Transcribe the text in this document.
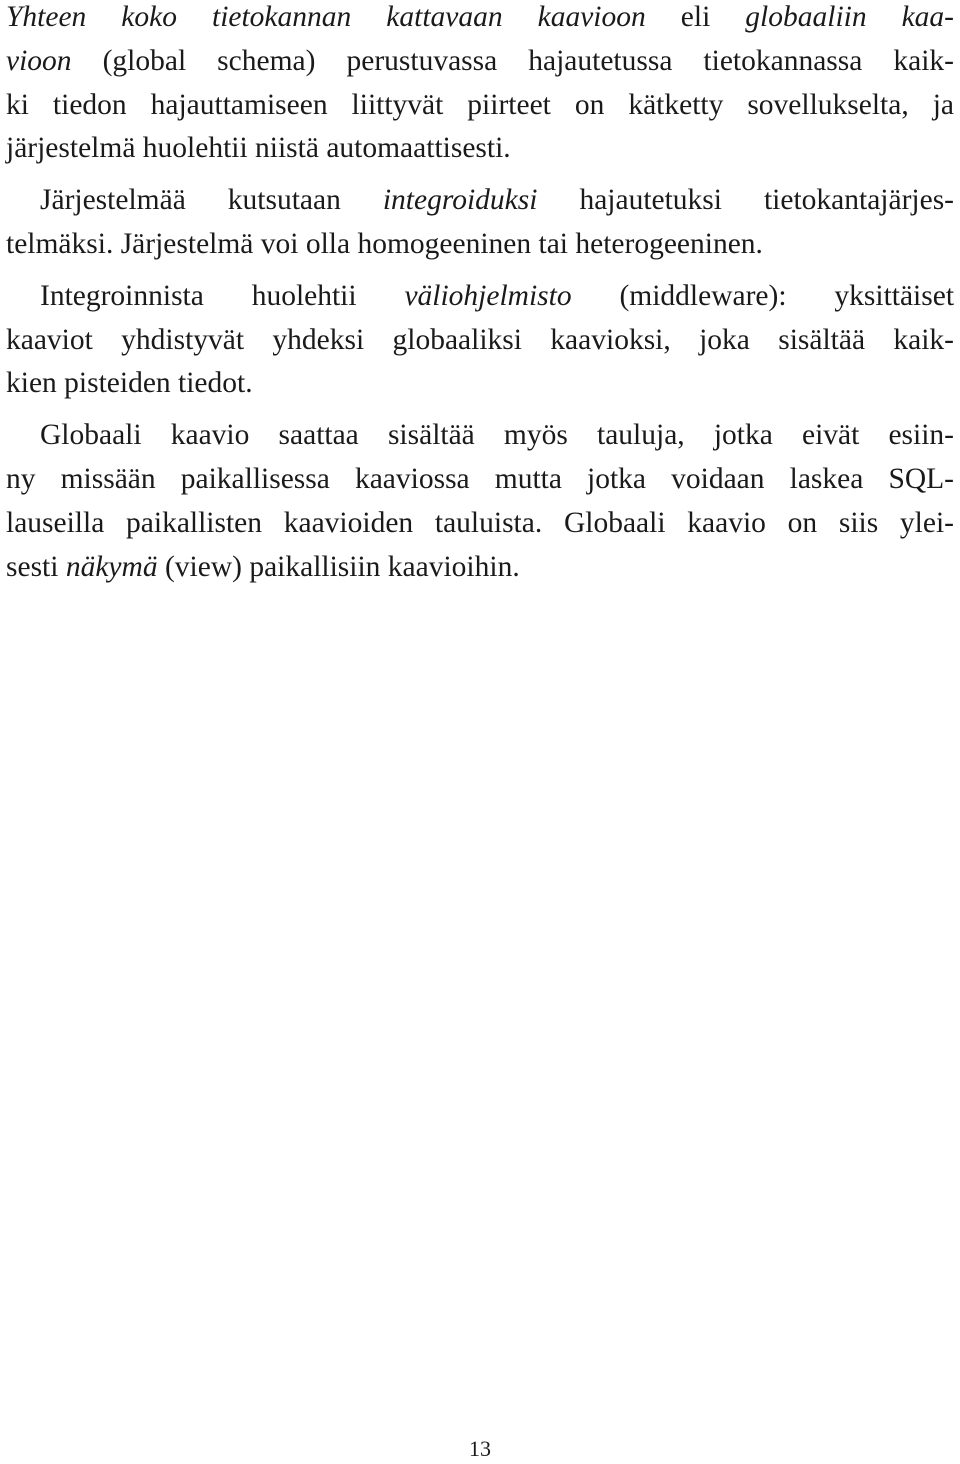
Yhteen koko tietokannan kattavaan kaavioon eli globaaliin kaa-
vioon (global schema) perustuvassa hajautetussa tietokannassa kaik-
ki tiedon hajauttamiseen liittyvät piirteet on kätketty sovellukselta, ja
järjestelmä huolehtii niistä automaattisesti.
Järjestelmää kutsutaan integroiduksi hajautetuksi tietokantajärjes-
telmäksi. Järjestelmä voi olla homogeeninen tai heterogeeninen.
Integroinnista huolehtii väliohjelmisto (middleware): yksittäiset
kaaviot yhdistyvät yhdeksi globaaliksi kaavioksi, joka sisältää kaik-
kien pisteiden tiedot.
Globaali kaavio saattaa sisältää myös tauluja, jotka eivät esiin-
ny missään paikallisessa kaaviossa mutta jotka voidaan laskea SQL-
lauseilla paikallisten kaavioiden tauluista. Globaali kaavio on siis ylei-
sesti näkymä (view) paikallisiin kaavioihin.
13
